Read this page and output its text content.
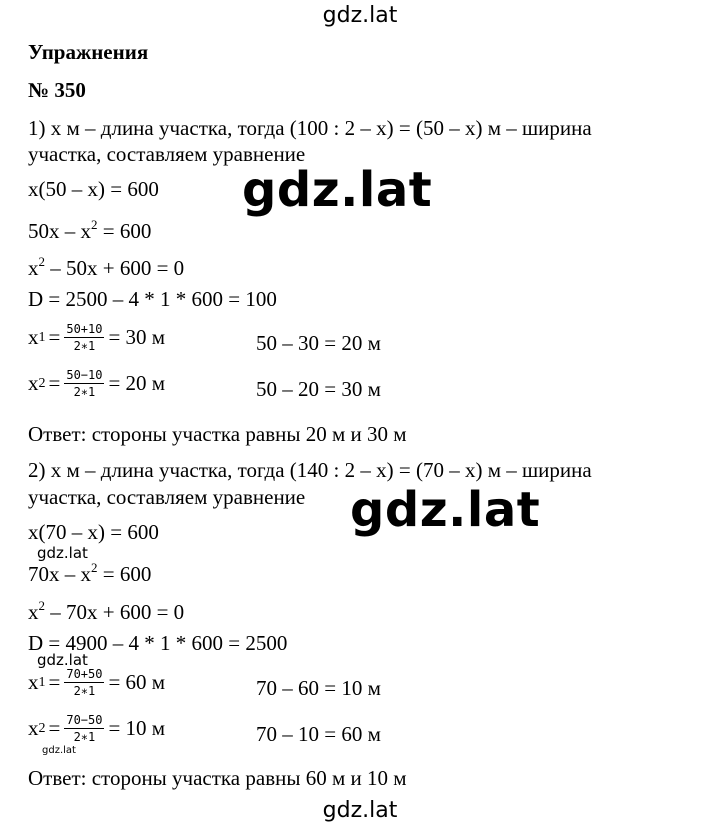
gdz.lat
gdz.lat
gdz.lat
gdz.lat
gdz.lat
gdz.lat
gdz.lat
Упражнения
№ 350
1) x м – длина участка, тогда (100 : 2 – x) = (50 – x) м – ширина
участка, составляем уравнение
x(50 – x) = 600
$50x - x^2 = 600$
$x^2 - 50x + 600 = 0$
D = 2500 – 4 * 1 * 600 = 100
x $1 = \frac{50+10}{2∗1} = 30$ м	50 – 30 = 20 м
x $2 = \frac{50-10}{2∗1} = 20$ м	50 – 20 = 30 м
Ответ: стороны участка равны 20 м и 30 м
2) x м – длина участка, тогда (140 : 2 – x) = (70 – x) м – ширина
участка, составляем уравнение
x(70 – x) = 600
$70x - x^2 = 600$
$x^2 - 70x + 600 = 0$
D = 4900 – 4 * 1 * 600 = 2500
x $1 = \frac{70+50}{2∗1} = 60$ м	70 – 60 = 10 м
x $2 = \frac{70-50}{2∗1} = 10$ м	70 – 10 = 60 м
Ответ: стороны участка равны 60 м и 10 м
